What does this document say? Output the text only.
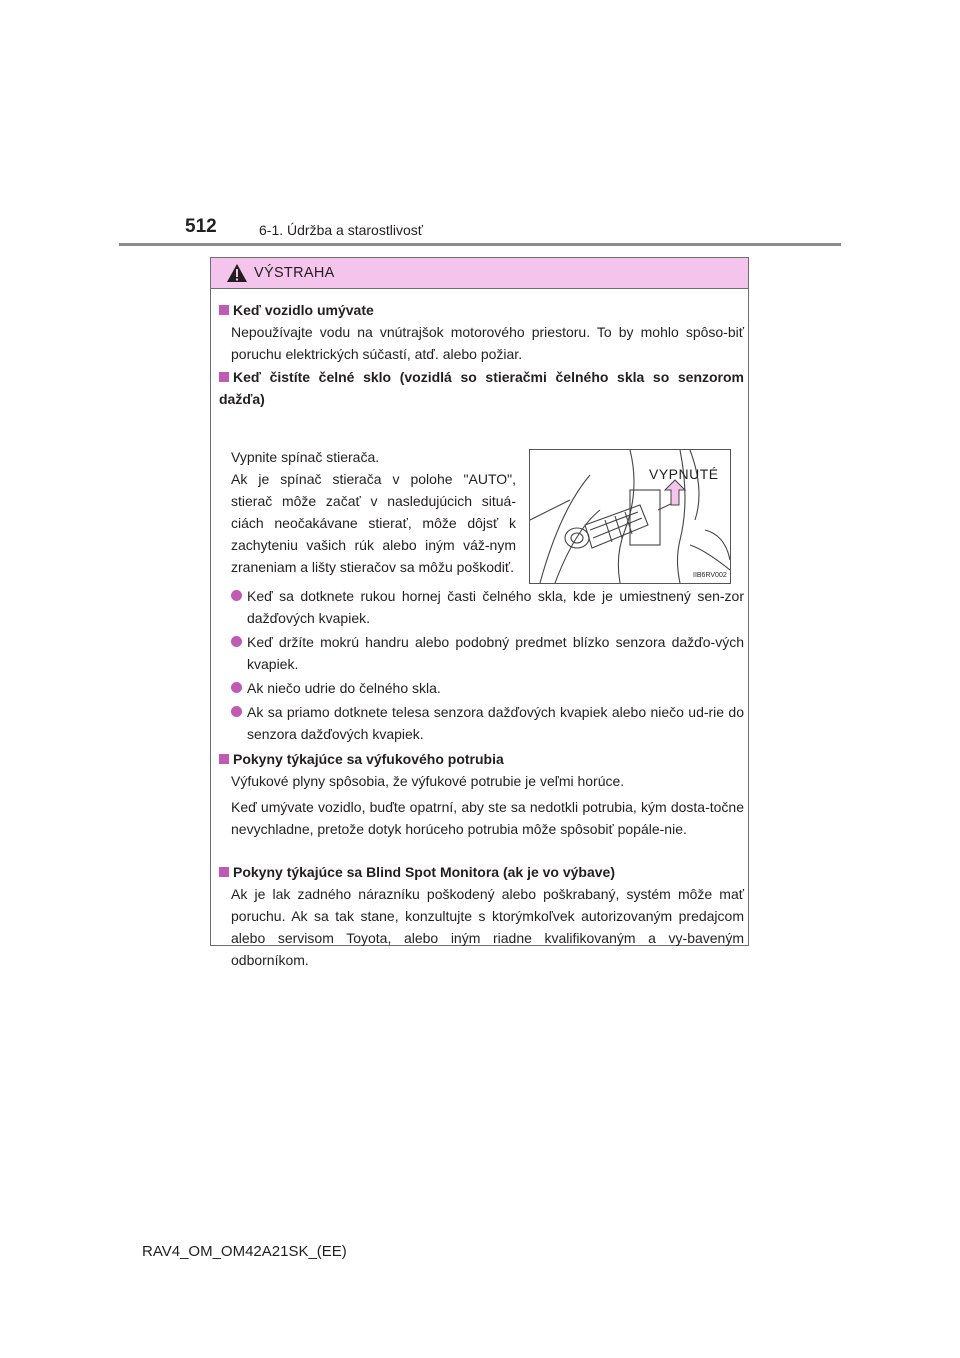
512	6-1. Údržba a starostlivosť
VÝSTRAHA
Keď vozidlo umývate
Nepoužívajte vodu na vnútrajšok motorového priestoru. To by mohlo spôso-biť poruchu elektrických súčastí, atď. alebo požiar.
Keď čistíte čelné sklo (vozidlá so stieračmi čelného skla so senzorom dažďa)
Vypnite spínač stierača.
Ak je spínač stierača v polohe "AUTO", stierač môže začať v nasledujúcich situá-ciách neočakávane stierať, môže dôjsť k zachyteniu vašich rúk alebo iným váž-nym zraneniam a lišty stieračov sa môžu poškodiť.
VYPNUTÉ
IIB6RV002
Keď sa dotknete rukou hornej časti čelného skla, kde je umiestnený sen-zor dažďových kvapiek.
Keď držíte mokrú handru alebo podobný predmet blízko senzora dažďo-vých kvapiek.
Ak niečo udrie do čelného skla.
Ak sa priamo dotknete telesa senzora dažďových kvapiek alebo niečo ud-rie do senzora dažďových kvapiek.
Pokyny týkajúce sa výfukového potrubia
Výfukové plyny spôsobia, že výfukové potrubie je veľmi horúce.
Keď umývate vozidlo, buďte opatrní, aby ste sa nedotkli potrubia, kým dosta-točne nevychladne, pretože dotyk horúceho potrubia môže spôsobiť popále-nie.
Pokyny týkajúce sa Blind Spot Monitora (ak je vo výbave)
Ak je lak zadného nárazníku poškodený alebo poškrabaný, systém môže mať poruchu. Ak sa tak stane, konzultujte s ktorýmkoľvek autorizovaným predajcom alebo servisom Toyota, alebo iným riadne kvalifikovaným a vy-baveným odborníkom.
RAV4_OM_OM42A21SK_(EE)
